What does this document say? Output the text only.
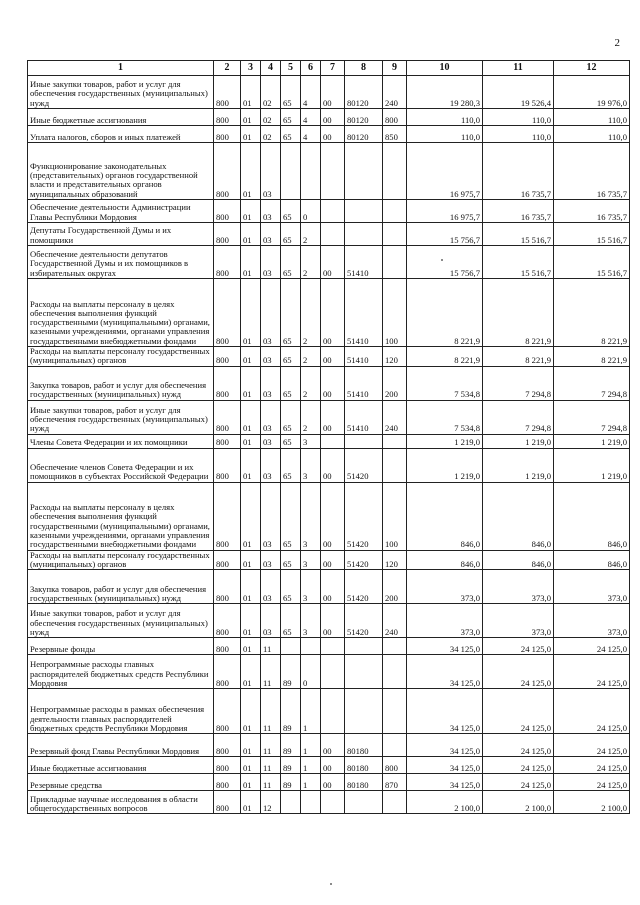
2
1	2	3	4	5	6	7	8	9	10	11	12
Иные закупки товаров, работ и услуг для обеспечения государственных (муниципальных) нужд	800	01	02	65	4	00	80120	240	19 280,3	19 526,4	19 976,0
Иные бюджетные ассигнования	800	01	02	65	4	00	80120	800	110,0	110,0	110,0
Уплата налогов, сборов и иных платежей	800	01	02	65	4	00	80120	850	110,0	110,0	110,0
Функционирование законодательных (представительных) органов государственной власти и представительных органов муниципальных образований	800	01	03						16 975,7	16 735,7	16 735,7
Обеспечение деятельности Администрации Главы Республики Мордовия	800	01	03	65	0				16 975,7	16 735,7	16 735,7
Депутаты Государственной Думы и их помощники	800	01	03	65	2				15 756,7	15 516,7	15 516,7
Обеспечение деятельности депутатов Государственной Думы и их помощников в избирательных округах	800	01	03	65	2	00	51410		15 756,7	15 516,7	15 516,7
Расходы на выплаты персоналу в целях обеспечения выполнения функций государственными (муниципальными) органами, казенными учреждениями, органами управления государственными внебюджетными фондами	800	01	03	65	2	00	51410	100	8 221,9	8 221,9	8 221,9
Расходы на выплаты персоналу государственных (муниципальных) органов	800	01	03	65	2	00	51410	120	8 221,9	8 221,9	8 221,9
Закупка товаров, работ и услуг для обеспечения государственных (муниципальных) нужд	800	01	03	65	2	00	51410	200	7 534,8	7 294,8	7 294,8
Иные закупки товаров, работ и услуг для обеспечения государственных (муниципальных) нужд	800	01	03	65	2	00	51410	240	7 534,8	7 294,8	7 294,8
Члены Совета Федерации и их помощники	800	01	03	65	3				1 219,0	1 219,0	1 219,0
Обеспечение членов Совета Федерации и их помощников в субъектах Российской Федерации	800	01	03	65	3	00	51420		1 219,0	1 219,0	1 219,0
Расходы на выплаты персоналу в целях обеспечения выполнения функций государственными (муниципальными) органами, казенными учреждениями, органами управления государственными внебюджетными фондами	800	01	03	65	3	00	51420	100	846,0	846,0	846,0
Расходы на выплаты персоналу государственных (муниципальных) органов	800	01	03	65	3	00	51420	120	846,0	846,0	846,0
Закупка товаров, работ и услуг для обеспечения государственных (муниципальных) нужд	800	01	03	65	3	00	51420	200	373,0	373,0	373,0
Иные закупки товаров, работ и услуг для обеспечения государственных (муниципальных) нужд	800	01	03	65	3	00	51420	240	373,0	373,0	373,0
Резервные фонды	800	01	11						34 125,0	24 125,0	24 125,0
Непрограммные расходы главных распорядителей бюджетных средств Республики Мордовия	800	01	11	89	0				34 125,0	24 125,0	24 125,0
Непрограммные расходы в рамках обеспечения деятельности главных распорядителей бюджетных средств Республики Мордовия	800	01	11	89	1				34 125,0	24 125,0	24 125,0
Резервный фонд Главы Республики Мордовия	800	01	11	89	1	00	80180		34 125,0	24 125,0	24 125,0
Иные бюджетные ассигнования	800	01	11	89	1	00	80180	800	34 125,0	24 125,0	24 125,0
Резервные средства	800	01	11	89	1	00	80180	870	34 125,0	24 125,0	24 125,0
Прикладные научные исследования в области общегосударственных вопросов	800	01	12						2 100,0	2 100,0	2 100,0
